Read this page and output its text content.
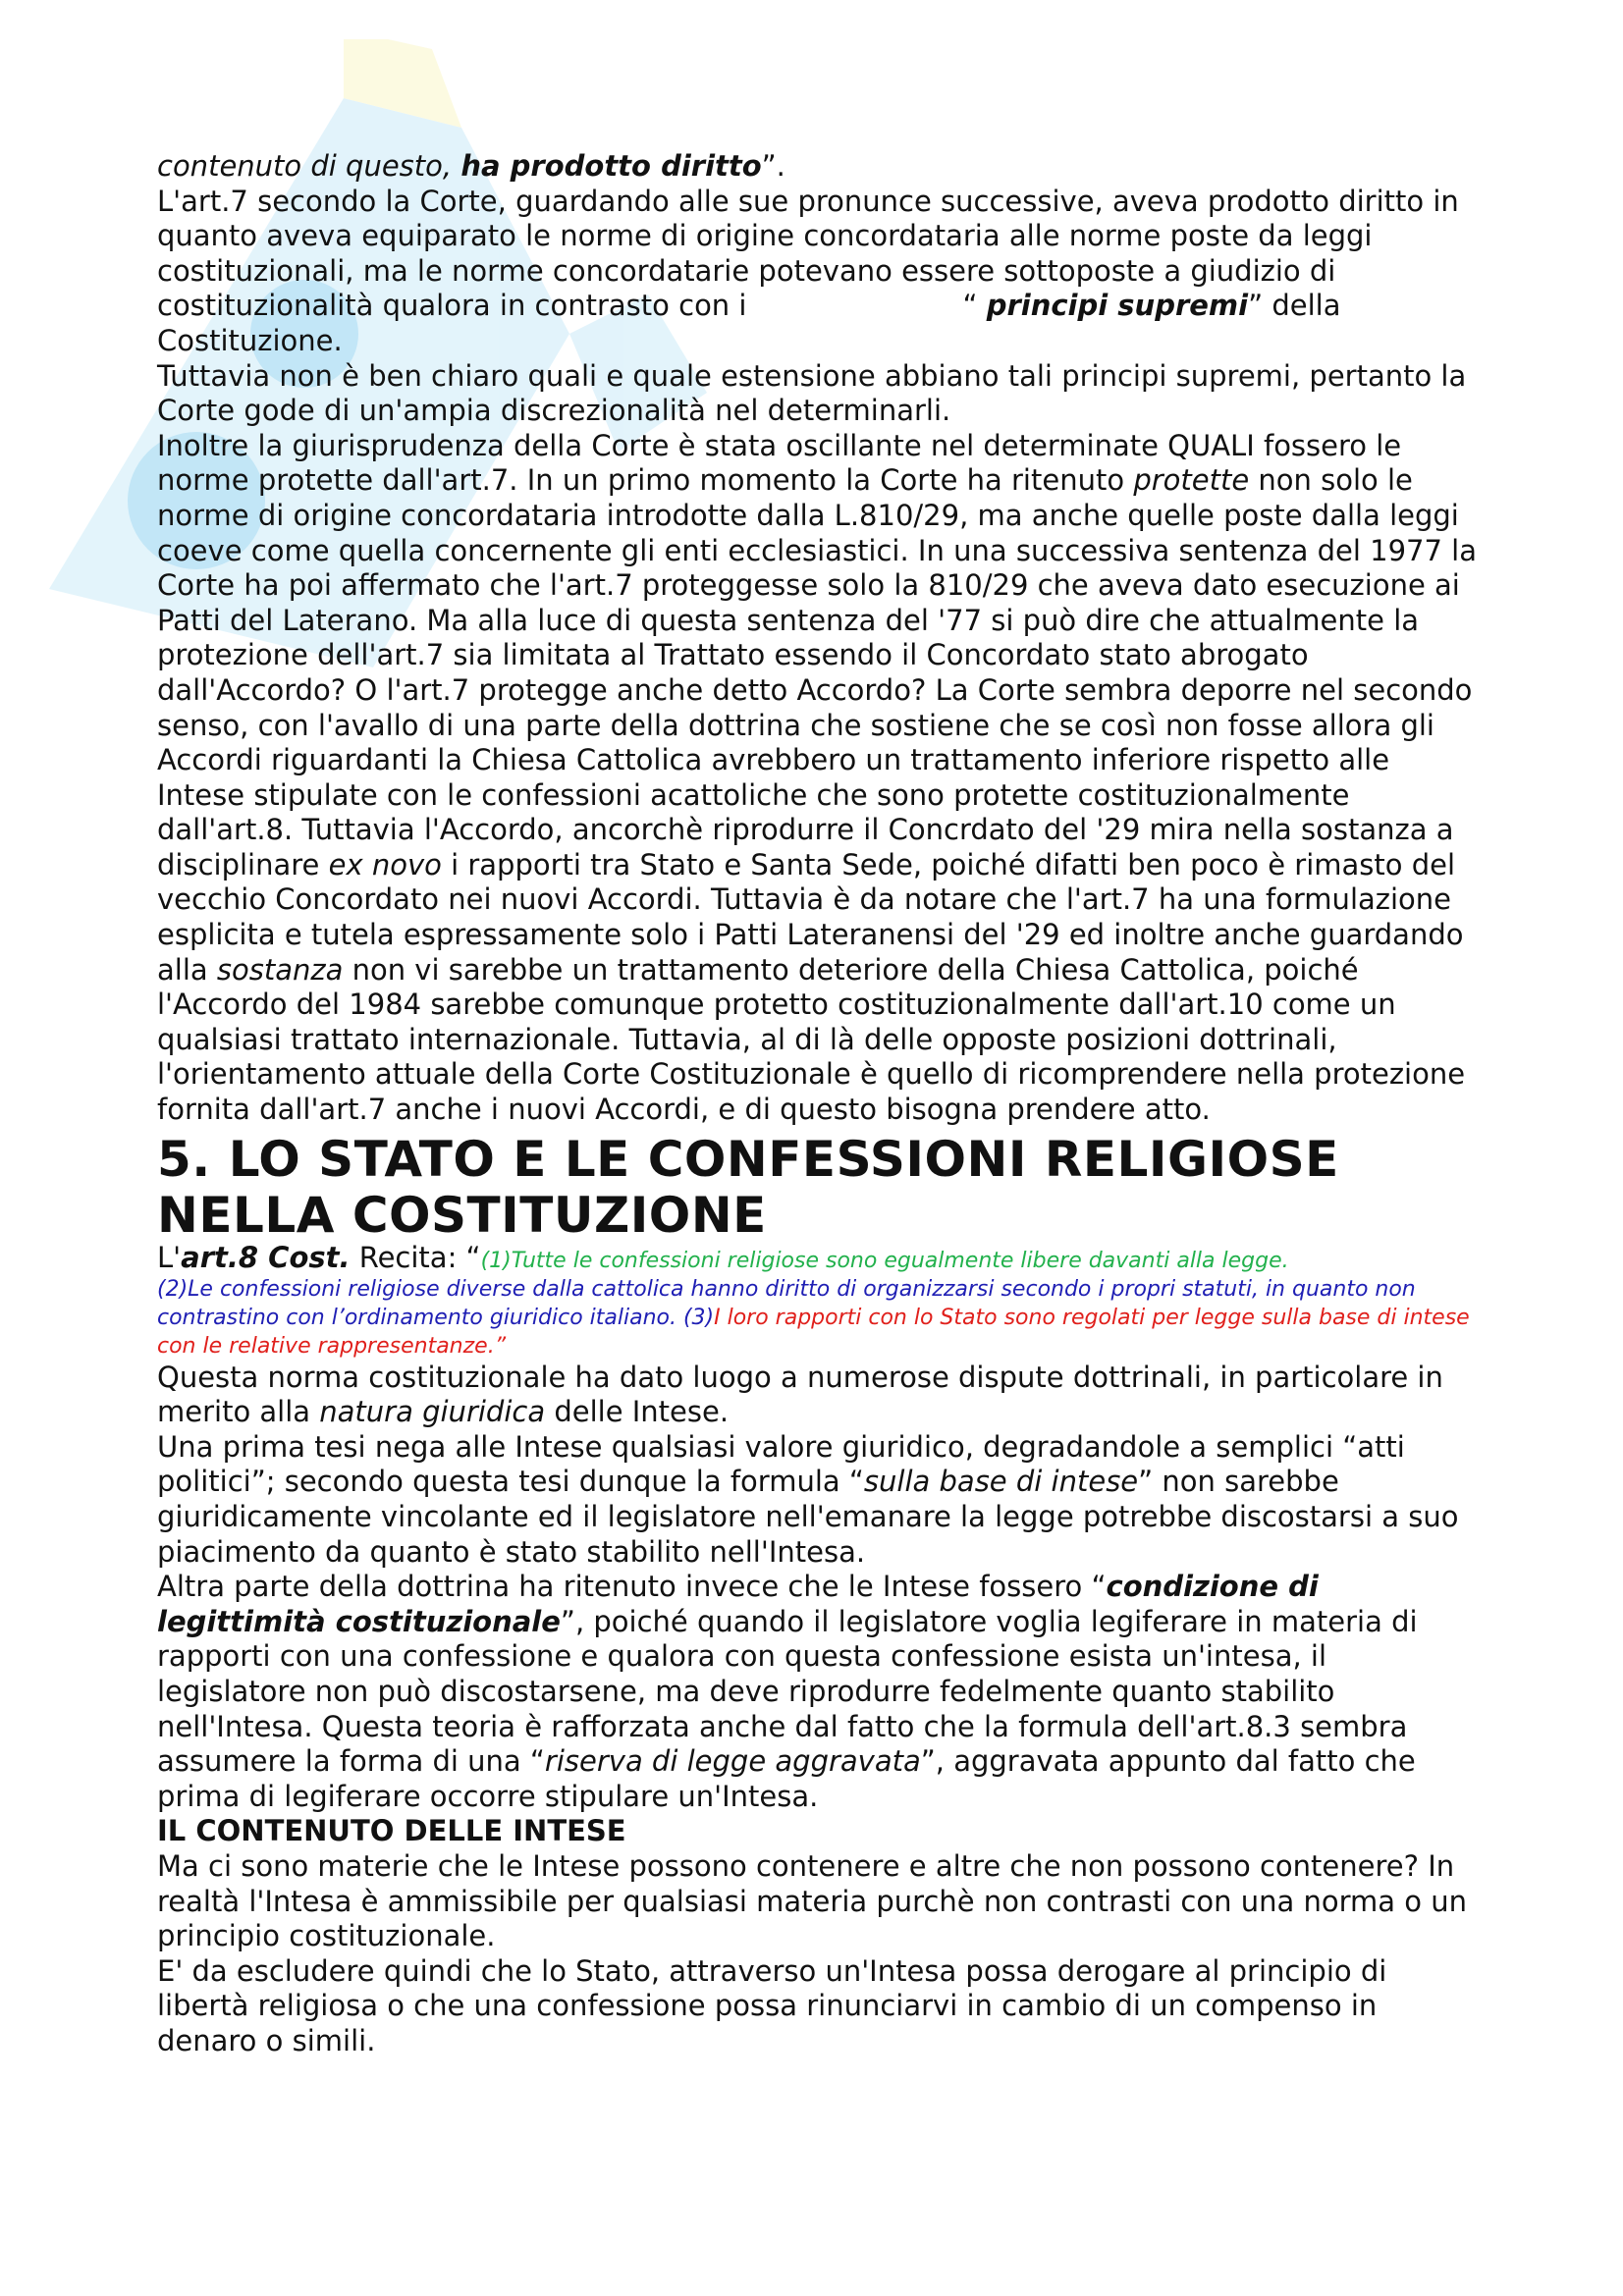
contenuto di questo, ha prodotto diritto”.

L'art.7 secondo la Corte, guardando alle sue pronunce successive, aveva prodotto diritto in quanto aveva equiparato le norme di origine concordataria alle norme poste da leggi costituzionali, ma le norme concordatarie potevano essere sottoposte a giudizio di costituzionalità qualora in contrasto con i	“ principi supremi” della Costituzione.

Tuttavia non è ben chiaro quali e quale estensione abbiano tali principi supremi, pertanto la Corte gode di un'ampia discrezionalità nel determinarli.

Inoltre la giurisprudenza della Corte è stata oscillante nel determinate QUALI fossero le norme protette dall'art.7. In un primo momento la Corte ha ritenuto protette non solo le norme di origine concordataria introdotte dalla L.810/29, ma anche quelle poste dalla leggi coeve come quella concernente gli enti ecclesiastici. In una successiva sentenza del 1977 la Corte ha poi affermato che l'art.7 proteggesse solo la 810/29 che aveva dato esecuzione ai Patti del Laterano. Ma alla luce di questa sentenza del '77 si può dire che attualmente la protezione dell'art.7 sia limitata al Trattato essendo il Concordato stato abrogato dall'Accordo? O l'art.7 protegge anche detto Accordo? La Corte sembra deporre nel secondo senso, con l'avallo di una parte della dottrina che sostiene che se così non fosse allora gli Accordi riguardanti la Chiesa Cattolica avrebbero un trattamento inferiore rispetto alle Intese stipulate con le confessioni acattoliche che sono protette costituzionalmente dall'art.8. Tuttavia l'Accordo, ancorchè riprodurre il Concrdato del '29 mira nella sostanza a disciplinare ex novo i rapporti tra Stato e Santa Sede, poiché difatti ben poco è rimasto del vecchio Concordato nei nuovi Accordi. Tuttavia è da notare che l'art.7 ha una formulazione esplicita e tutela espressamente solo i Patti Lateranensi del '29 ed inoltre anche guardando alla sostanza non vi sarebbe un trattamento deteriore della Chiesa Cattolica, poiché l'Accordo del 1984 sarebbe comunque protetto costituzionalmente dall'art.10 come un qualsiasi trattato internazionale. Tuttavia, al di là delle opposte posizioni dottrinali, l'orientamento attuale della Corte Costituzionale è quello di ricomprendere nella protezione fornita dall'art.7 anche i nuovi Accordi, e di questo bisogna prendere atto.

5. LO STATO E LE CONFESSIONI RELIGIOSE NELLA COSTITUZIONE

L'art.8 Cost. Recita: “(1)Tutte le confessioni religiose sono egualmente libere davanti alla legge.
(2)Le confessioni religiose diverse dalla cattolica hanno diritto di organizzarsi secondo i propri statuti, in quanto non contrastino con l’ordinamento giuridico italiano. (3)I loro rapporti con lo Stato sono regolati per legge sulla base di intese con le relative rappresentanze.”

Questa norma costituzionale ha dato luogo a numerose dispute dottrinali, in particolare in merito alla natura giuridica delle Intese.

Una prima tesi nega alle Intese qualsiasi valore giuridico, degradandole a semplici “atti politici”; secondo questa tesi dunque la formula “sulla base di intese” non sarebbe giuridicamente vincolante ed il legislatore nell'emanare la legge potrebbe discostarsi a suo piacimento da quanto è stato stabilito nell'Intesa.

Altra parte della dottrina ha ritenuto invece che le Intese fossero “condizione di legittimità costituzionale”, poiché quando il legislatore voglia legiferare in materia di rapporti con una confessione e qualora con questa confessione esista un'intesa, il legislatore non può discostarsene, ma deve riprodurre fedelmente quanto stabilito nell'Intesa. Questa teoria è rafforzata anche dal fatto che la formula dell'art.8.3 sembra assumere la forma di una “riserva di legge aggravata”, aggravata appunto dal fatto che prima di legiferare occorre stipulare un'Intesa.

IL CONTENUTO DELLE INTESE

Ma ci sono materie che le Intese possono contenere e altre che non possono contenere? In realtà l'Intesa è ammissibile per qualsiasi materia purchè non contrasti con una norma o un principio costituzionale.

E' da escludere quindi che lo Stato, attraverso un'Intesa possa derogare al principio di libertà religiosa o che una confessione possa rinunciarvi in cambio di un compenso in denaro o simili.
